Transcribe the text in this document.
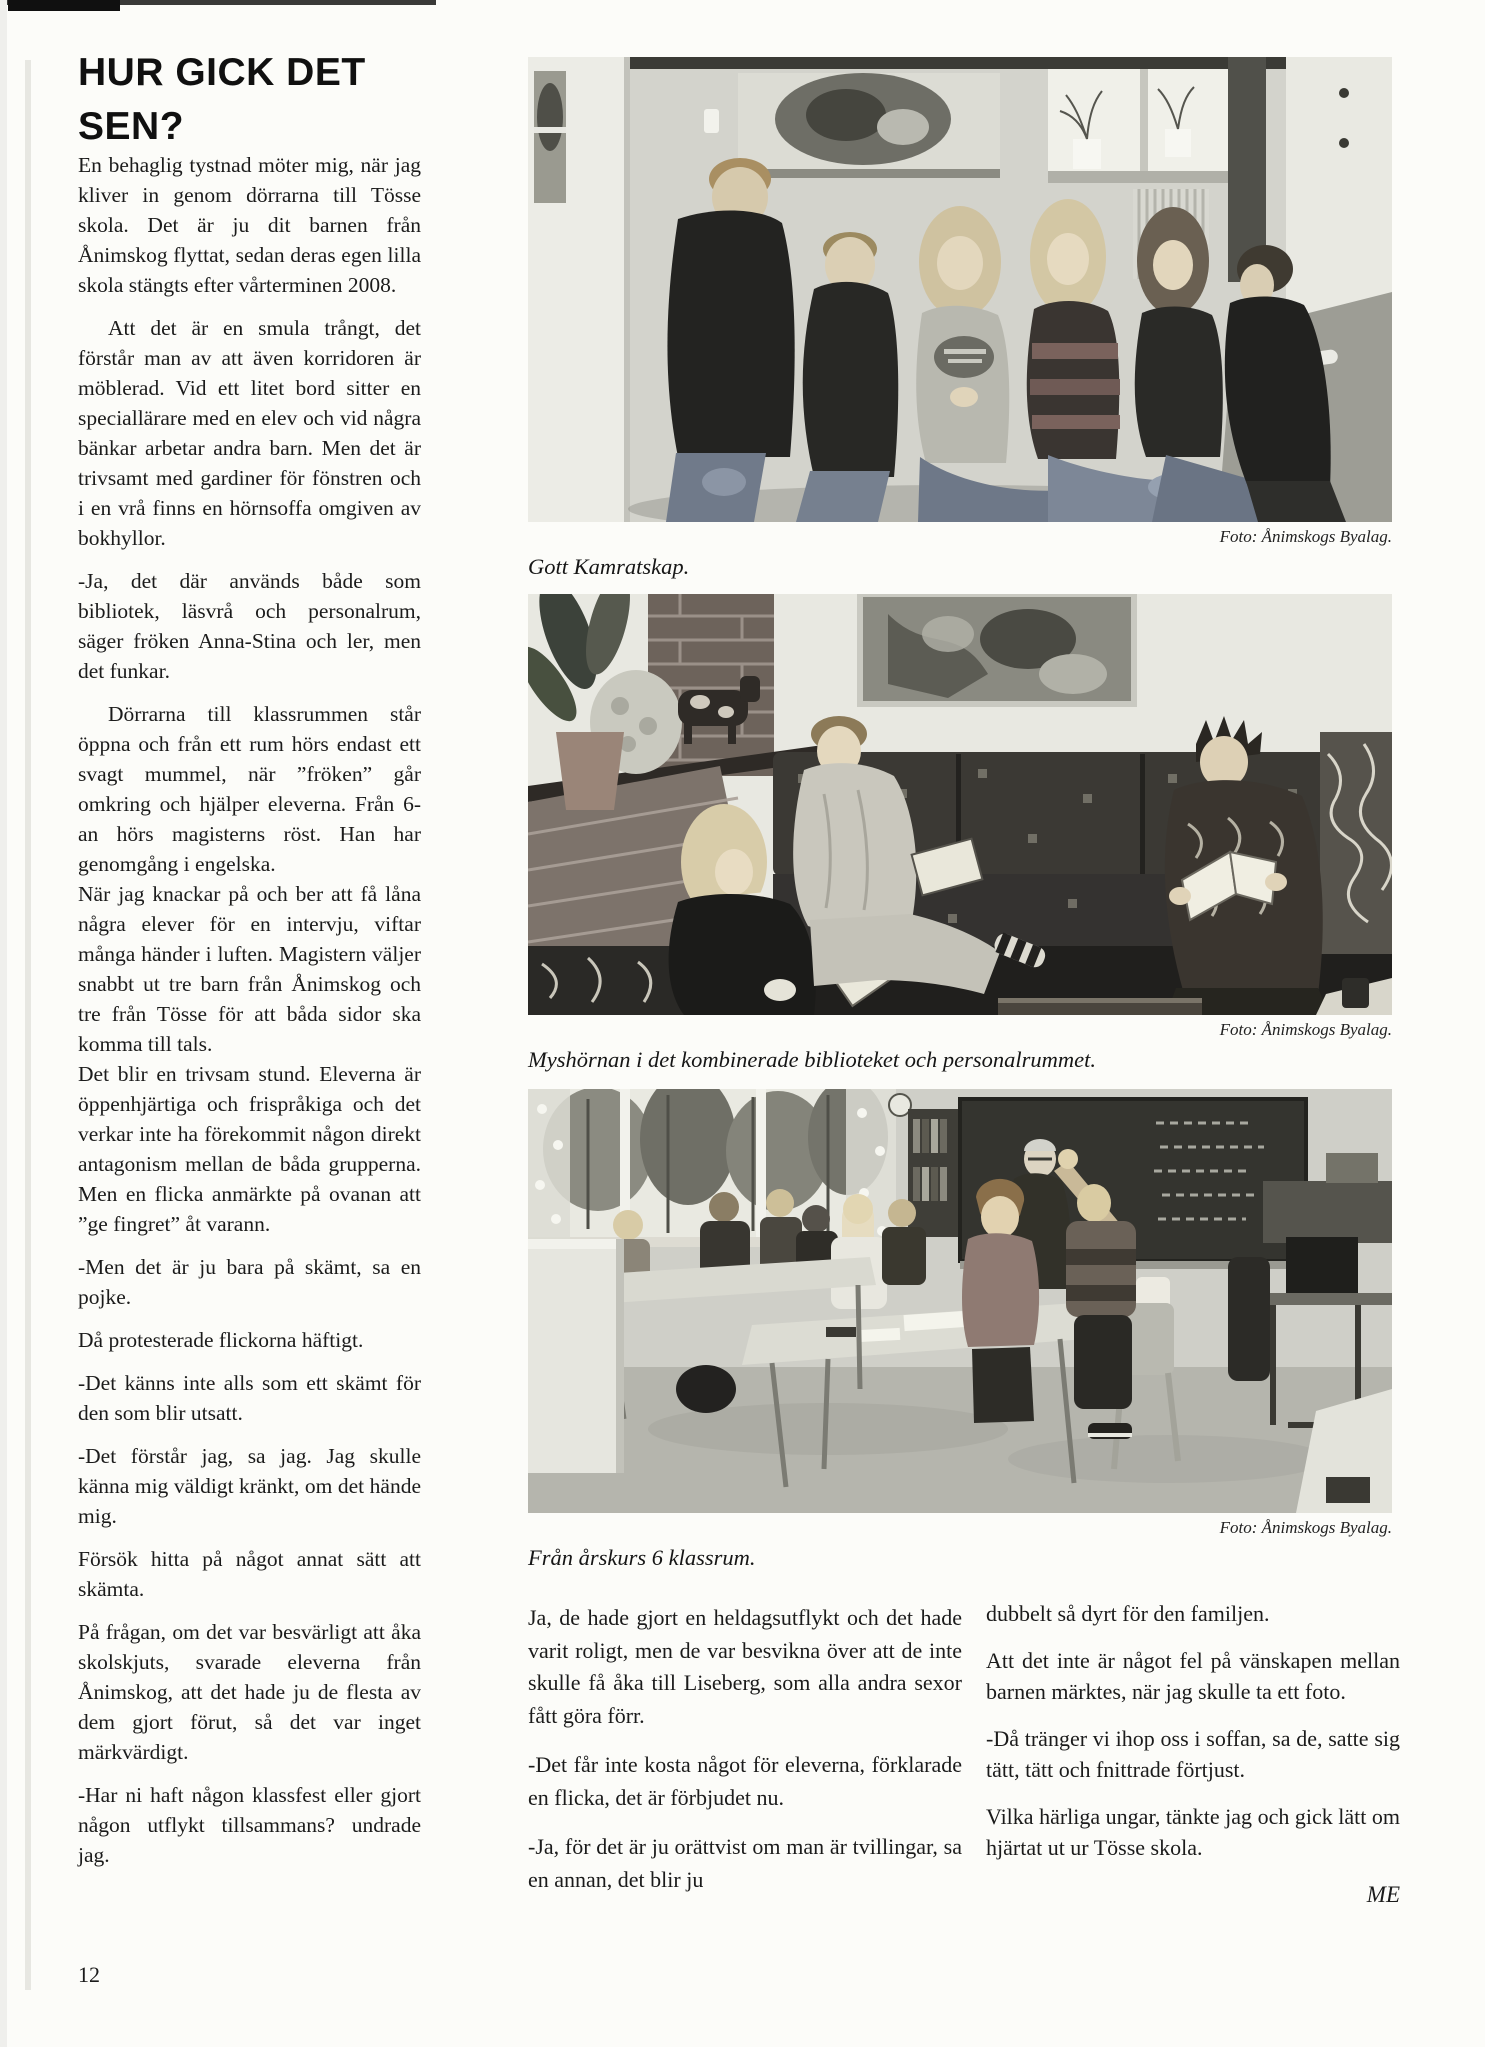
HUR GICK DET
SEN?

En behaglig tystnad möter mig, när jag kliver in genom dörrarna till Tösse skola. Det är ju dit barnen från Ånimskog flyttat, sedan deras egen lilla skola stängts efter vårterminen 2008.

Att det är en smula trångt, det förstår man av att även korridoren är möblerad. Vid ett litet bord sitter en speciallärare med en elev och vid några bänkar arbetar andra barn. Men det är trivsamt med gardiner för fönstren och i en vrå finns en hörnsoffa omgiven av bokhyllor.

-Ja, det där används både som bibliotek, läsvrå och personalrum, säger fröken Anna-Stina och ler, men det funkar.

Dörrarna till klassrummen står öppna och från ett rum hörs endast ett svagt mummel, när ”fröken” går omkring och hjälper eleverna. Från 6-an hörs magisterns röst. Han har genomgång i engelska.

När jag knackar på och ber att få låna några elever för en intervju, viftar många händer i luften. Magistern väljer snabbt ut tre barn från Ånimskog och tre från Tösse för att båda sidor ska komma till tals.

Det blir en trivsam stund. Eleverna är öppenhjärtiga och frispråkiga och det verkar inte ha förekommit någon direkt antagonism mellan de båda grupperna. Men en flicka anmärkte på ovanan att ”ge fingret” åt varann.

-Men det är ju bara på skämt, sa en pojke.

Då protesterade flickorna häftigt.

-Det känns inte alls som ett skämt för den som blir utsatt.

-Det förstår jag, sa jag. Jag skulle känna mig väldigt kränkt, om det hände mig.

Försök hitta på något annat sätt att skämta.

På frågan, om det var besvärligt att åka skolskjuts, svarade eleverna från Ånimskog, att det hade ju de flesta av dem gjort förut, så det var inget märkvärdigt.

-Har ni haft någon klassfest eller gjort någon utflykt tillsammans? undrade jag.

Foto: Ånimskogs Byalag.
Gott Kamratskap.
Foto: Ånimskogs Byalag.
Myshörnan i det kombinerade biblioteket och personalrummet.
Foto: Ånimskogs Byalag.
Från årskurs 6 klassrum.

Ja, de hade gjort en heldagsutflykt och det hade varit roligt, men de var besvikna över att de inte skulle få åka till Liseberg, som alla andra sexor fått göra förr.

-Det får inte kosta något för eleverna, förklarade en flicka, det är förbjudet nu.

-Ja, för det är ju orättvist om man är tvillingar, sa en annan, det blir ju

dubbelt så dyrt för den familjen.

Att det inte är något fel på vänskapen mellan barnen märktes, när jag skulle ta ett foto.

-Då tränger vi ihop oss i soffan, sa de, satte sig tätt, tätt och fnittrade förtjust.

Vilka härliga ungar, tänkte jag och gick lätt om hjärtat ut ur Tösse skola.

ME
12
